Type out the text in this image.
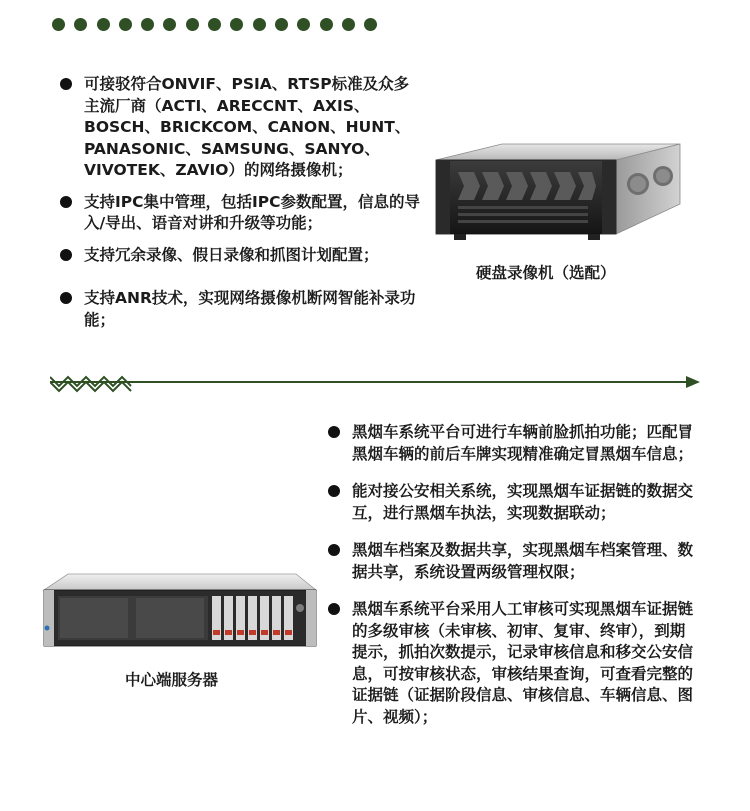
可接驳符合ONVIF、PSIA、RTSP标准及众多主流厂商（ACTI、ARECCNT、AXIS、BOSCH、BRICKCOM、CANON、HUNT、PANASONIC、SAMSUNG、SANYO、VIVOTEK、ZAVIO）的网络摄像机；
支持IPC集中管理，包括IPC参数配置，信息的导入/导出、语音对讲和升级等功能；
支持冗余录像、假日录像和抓图计划配置；
支持ANR技术，实现网络摄像机断网智能补录功能；
硬盘录像机（选配）
中心端服务器
黑烟车系统平台可进行车辆前脸抓拍功能；匹配冒黑烟车辆的前后车牌实现精准确定冒黑烟车信息；
能对接公安相关系统，实现黑烟车证据链的数据交互，进行黑烟车执法，实现数据联动；
黑烟车档案及数据共享，实现黑烟车档案管理、数据共享，系统设置两级管理权限；
黑烟车系统平台采用人工审核可实现黑烟车证据链的多级审核（未审核、初审、复审、终审），到期提示，抓拍次数提示，记录审核信息和移交公安信息，可按审核状态，审核结果查询，可查看完整的证据链（证据阶段信息、审核信息、车辆信息、图片、视频）；
